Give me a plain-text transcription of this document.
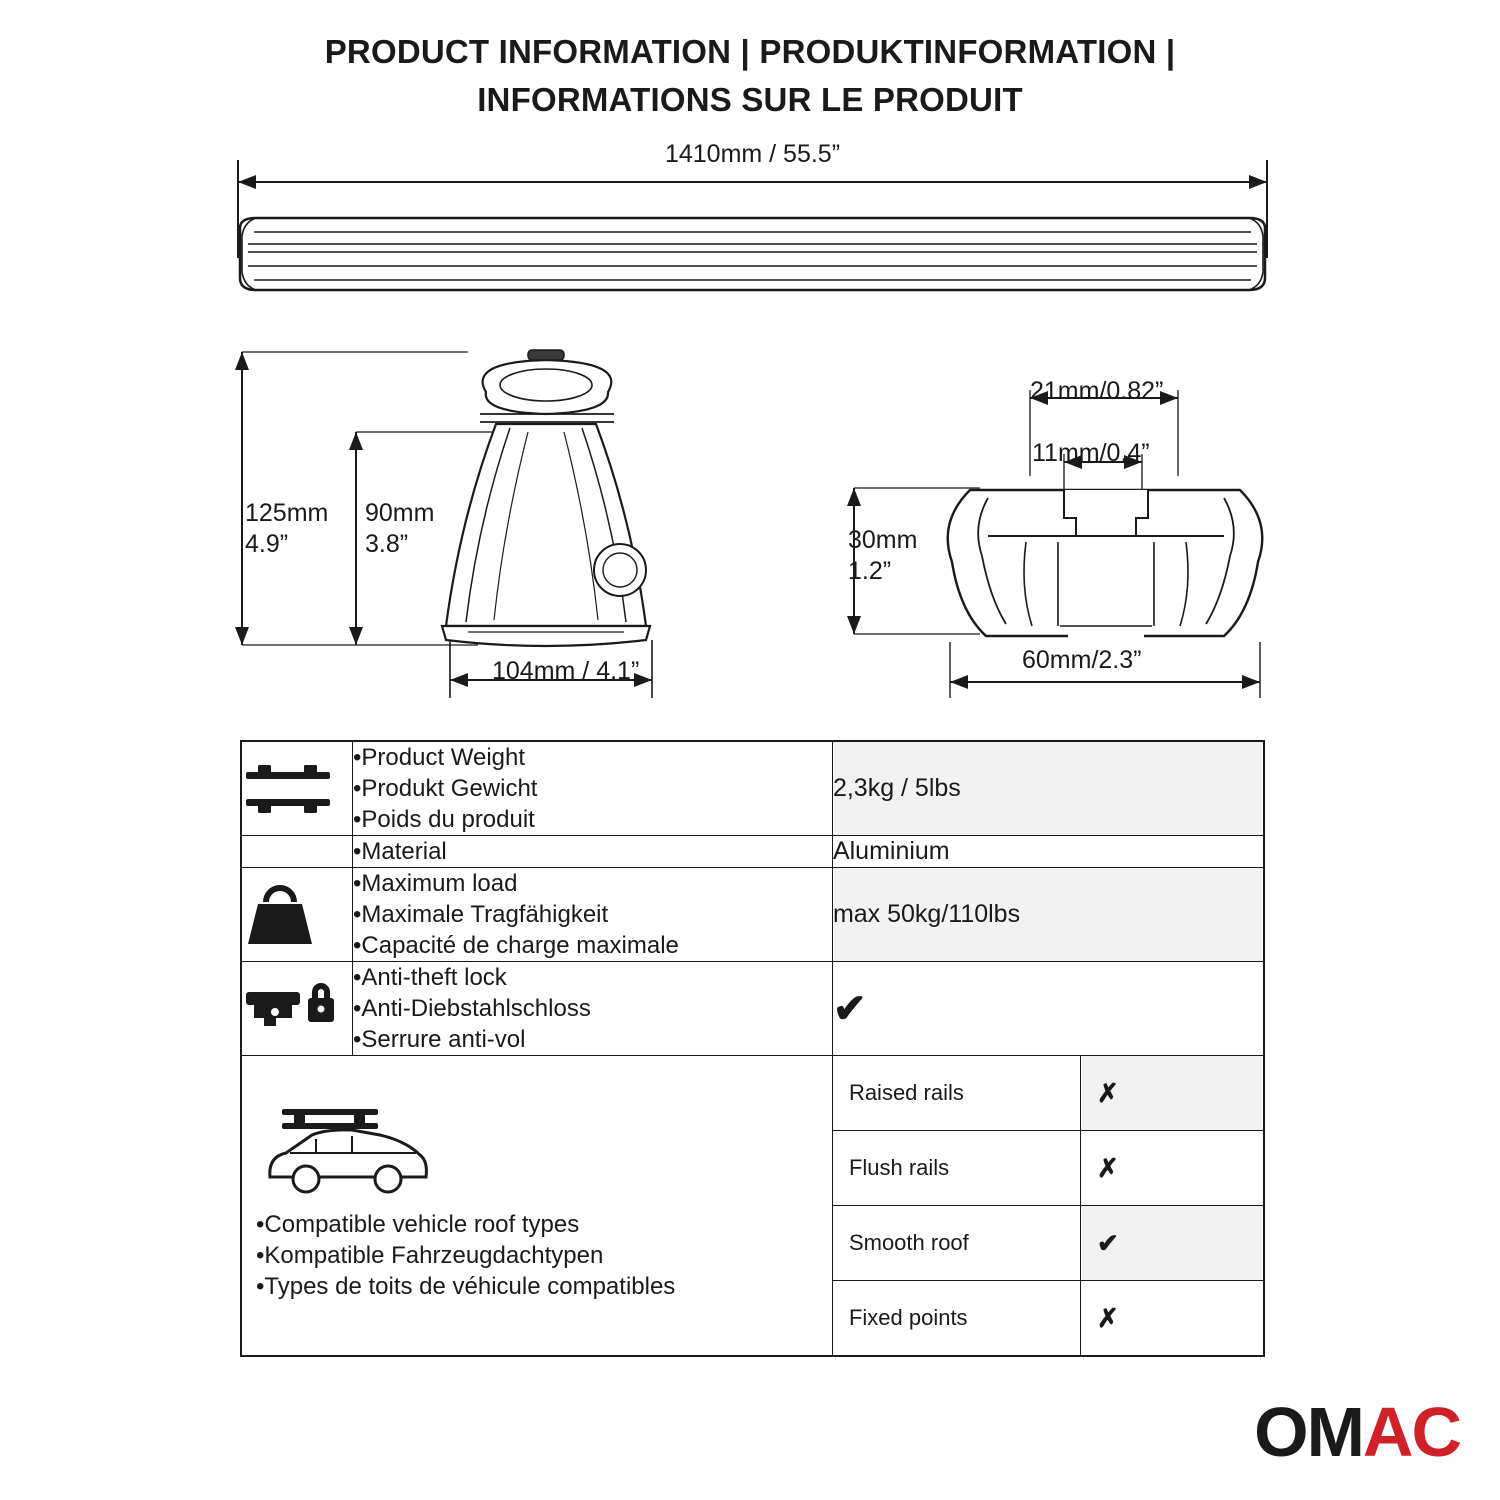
PRODUCT INFORMATION | PRODUKTINFORMATION |
INFORMATIONS SUR LE PRODUIT
1410mm / 55.5”
125mm
4.9”
90mm
3.8”
104mm / 4.1”
21mm/0.82”
11mm/0.4”
30mm
1.2”
60mm/2.3”

•Product Weight
•Produkt Gewicht
•Poids du produit
	2,3kg / 5lbs

•Material	Aluminium

•Maximum load
•Maximale Tragfähigkeit
•Capacité de charge maximale
	max 50kg/110lbs

•Anti-theft lock
•Anti-Diebstahlschloss
•Serrure anti-vol
	✔

•Compatible vehicle roof types
•Kompatible Fahrzeugdachtypen
•Types de toits de véhicule compatibles

Raised rails	✗
Flush rails	✗
Smooth roof	✔
Fixed points	✗
OM AC
